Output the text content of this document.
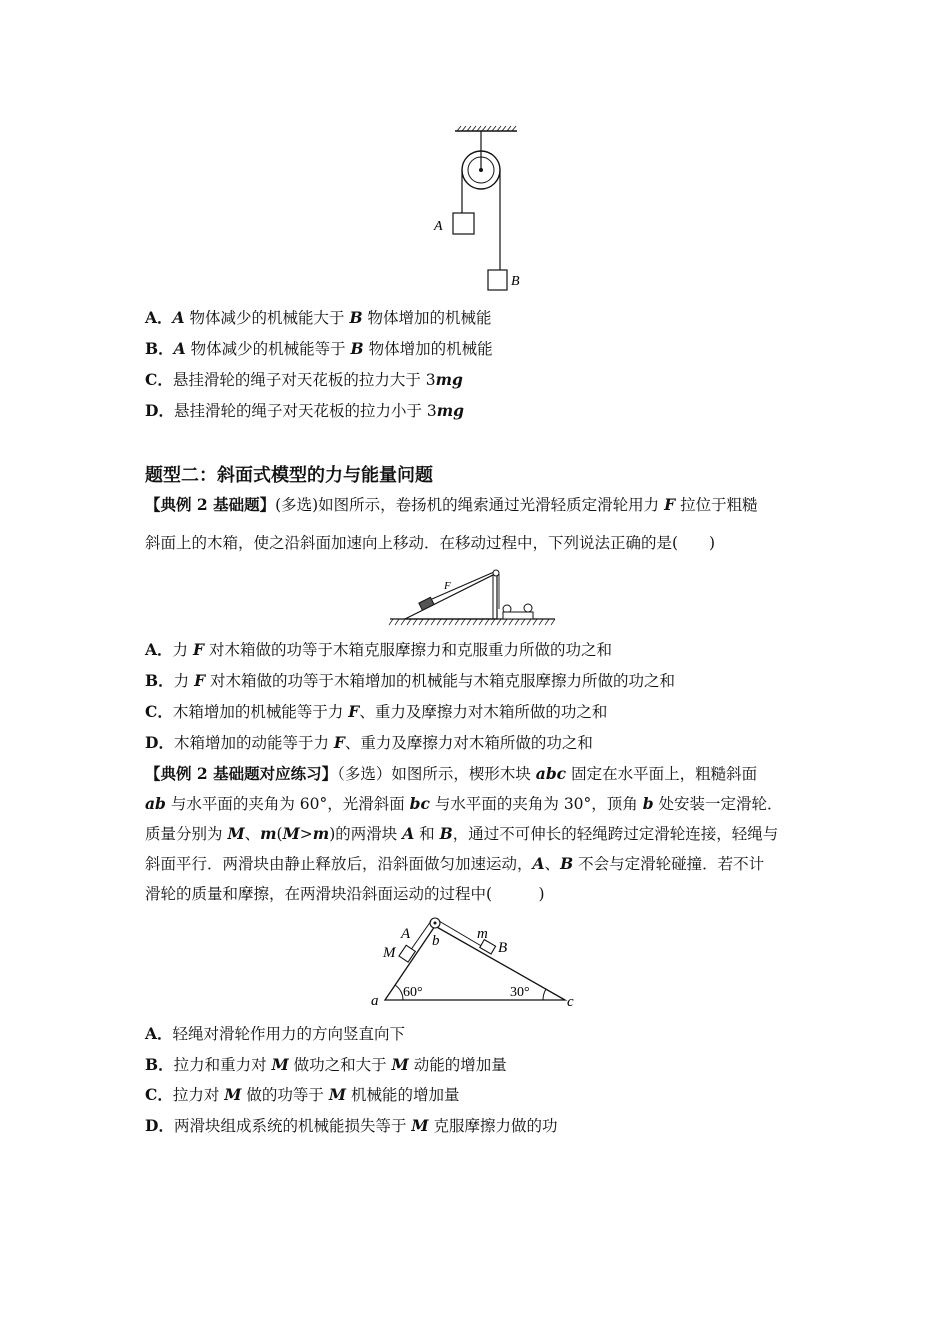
A
B
A．A 物体减少的机械能大于 B 物体增加的机械能
B．A 物体减少的机械能等于 B 物体增加的机械能
C．悬挂滑轮的绳子对天花板的拉力大于 3mg
D．悬挂滑轮的绳子对天花板的拉力小于 3mg
题型二：斜面式模型的力与能量问题
【典例 2 基础题】(多选)如图所示，卷扬机的绳索通过光滑轻质定滑轮用力 F 拉位于粗糙
斜面上的木箱，使之沿斜面加速向上移动．在移动过程中，下列说法正确的是(　　)
F
A．力 F 对木箱做的功等于木箱克服摩擦力和克服重力所做的功之和
B．力 F 对木箱做的功等于木箱增加的机械能与木箱克服摩擦力所做的功之和
C．木箱增加的机械能等于力 F、重力及摩擦力对木箱所做的功之和
D．木箱增加的动能等于力 F、重力及摩擦力对木箱所做的功之和
【典例 2 基础题对应练习】（多选）如图所示，楔形木块 abc 固定在水平面上，粗糙斜面
ab 与水平面的夹角为 60°，光滑斜面 bc 与水平面的夹角为 30°，顶角 b 处安装一定滑轮．
质量分别为 M、m(M>m)的两滑块 A 和 B，通过不可伸长的轻绳跨过定滑轮连接，轻绳与
斜面平行．两滑块由静止释放后，沿斜面做匀加速运动，A、B 不会与定滑轮碰撞．若不计
滑轮的质量和摩擦，在两滑块沿斜面运动的过程中(　　　)
a
b
c
A
M
m
B
60°	30°
A．轻绳对滑轮作用力的方向竖直向下
B．拉力和重力对 M 做功之和大于 M 动能的增加量
C．拉力对 M 做的功等于 M 机械能的增加量
D．两滑块组成系统的机械能损失等于 M 克服摩擦力做的功
